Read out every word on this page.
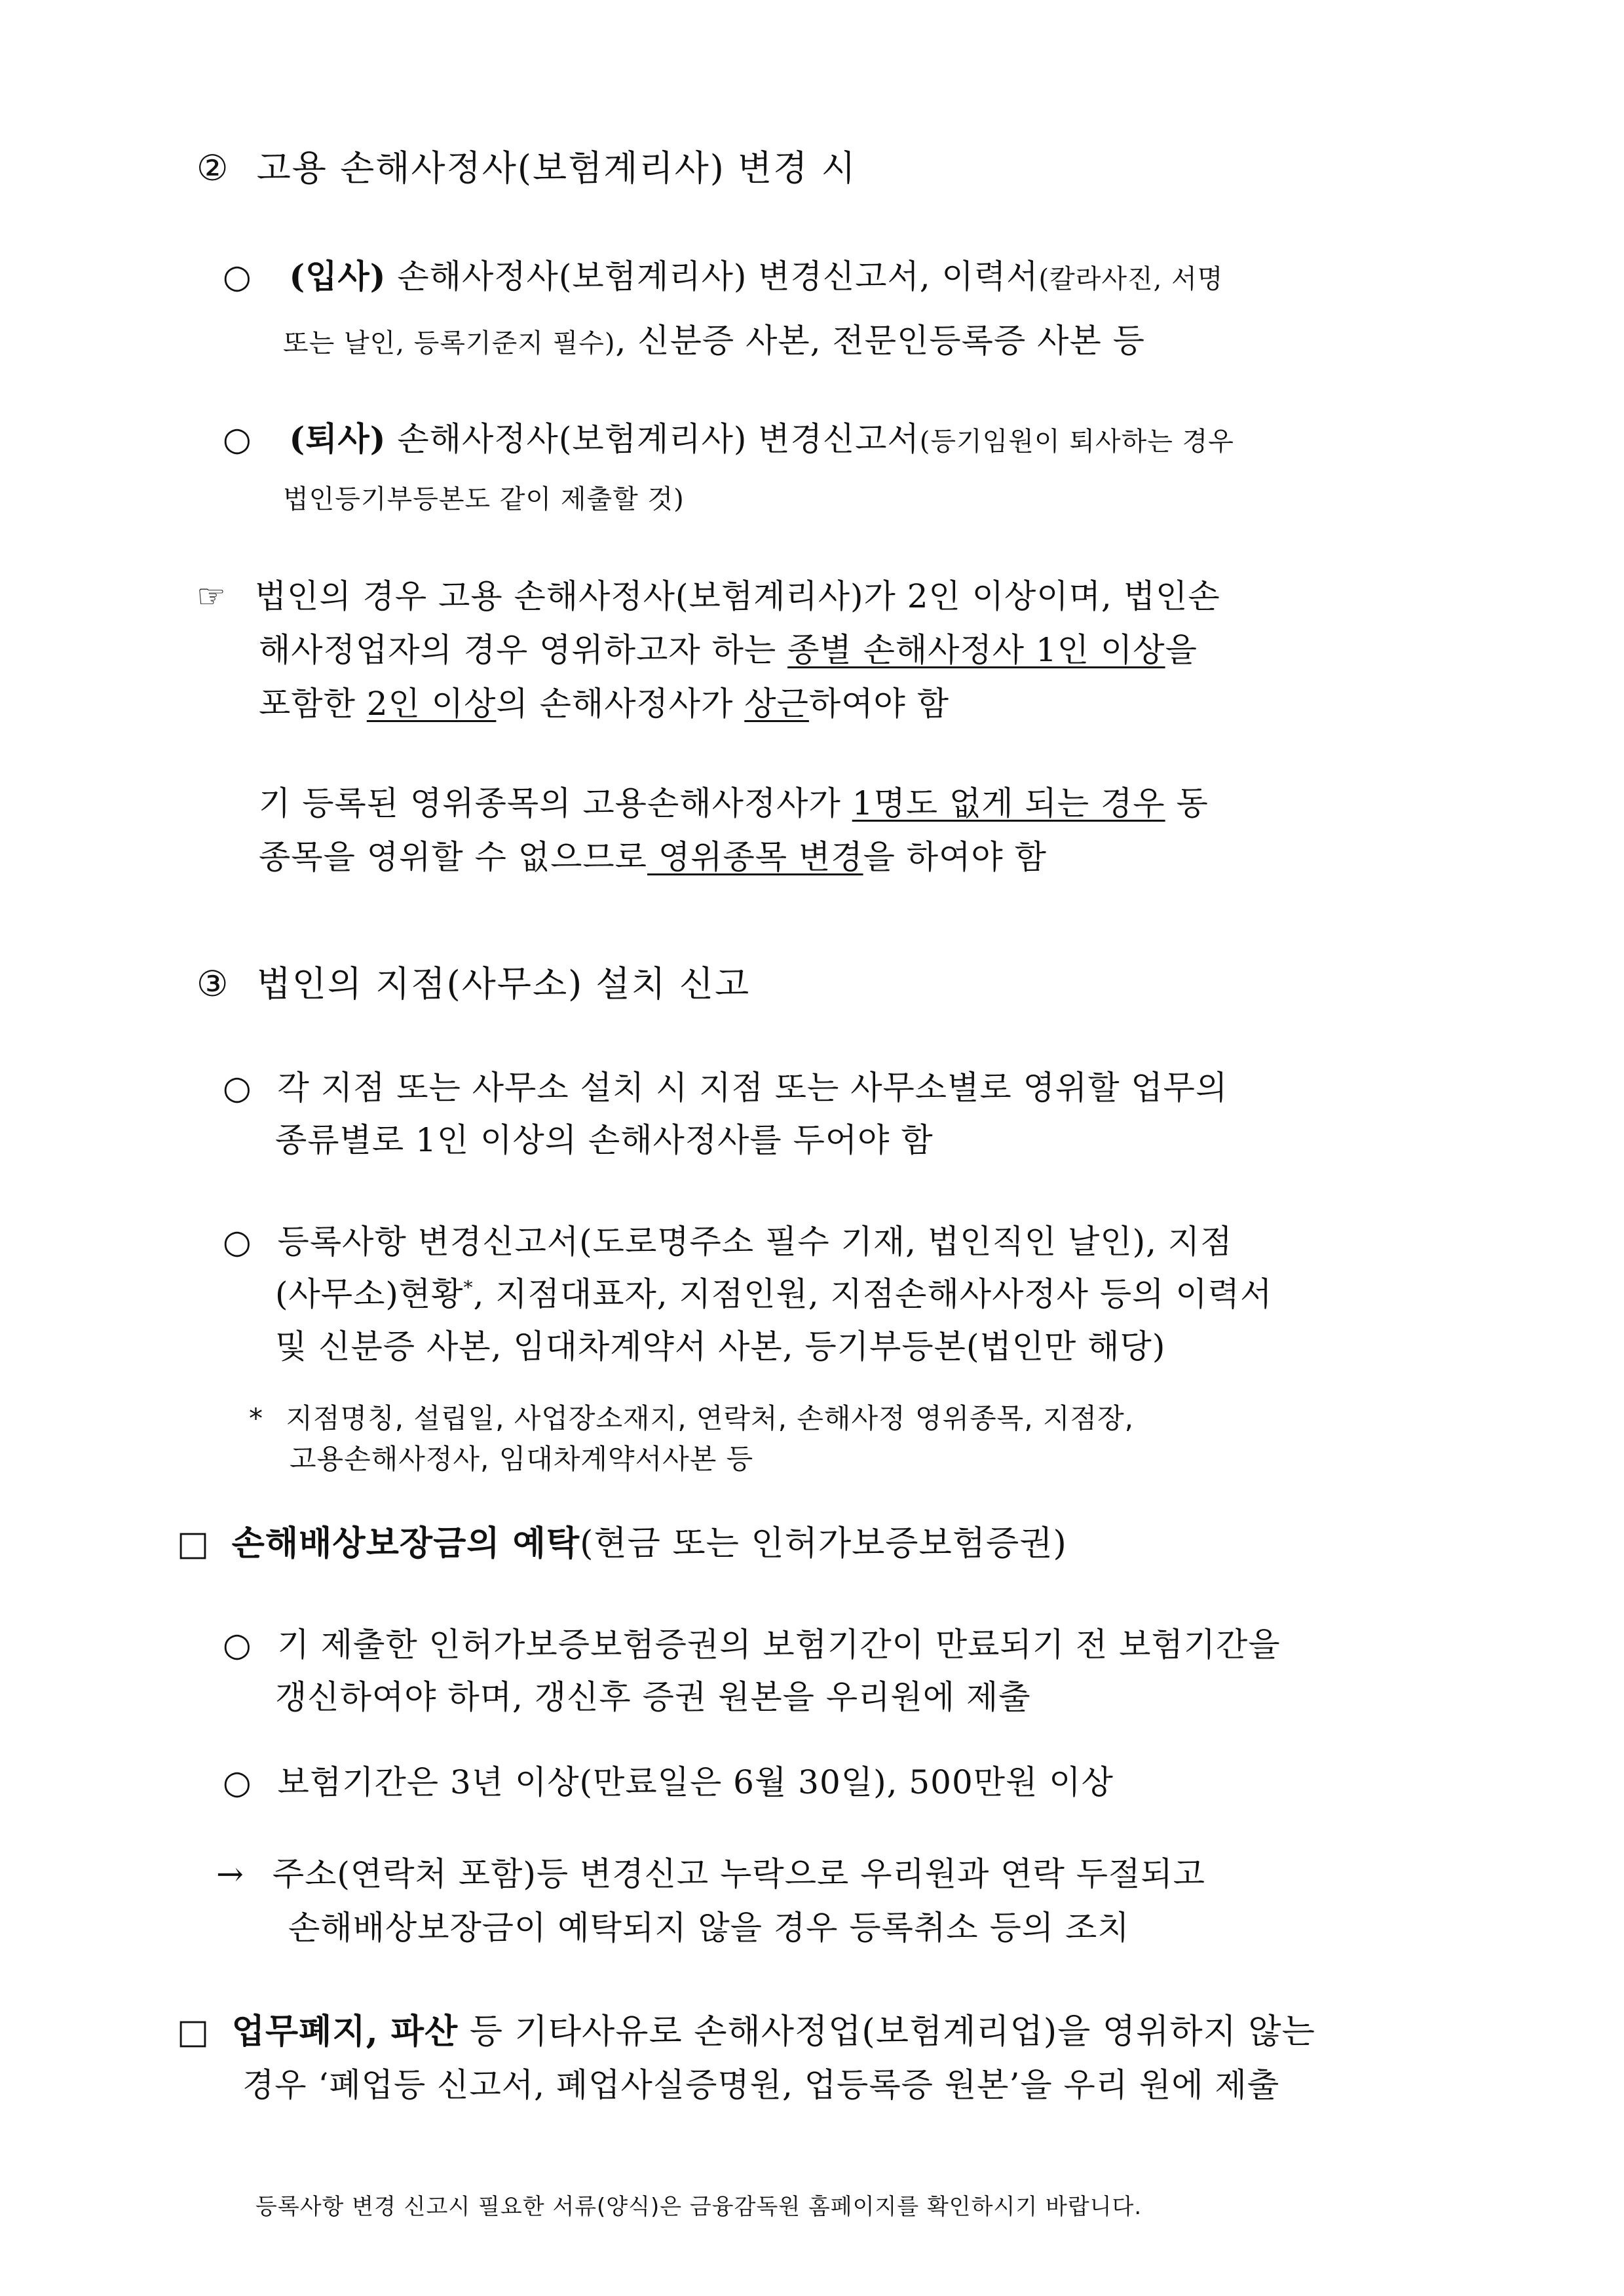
② 고용 손해사정사(보험계리사) 변경 시
○ (입사) 손해사정사(보험계리사) 변경신고서, 이력서(칼라사진, 서명
또는 날인, 등록기준지 필수), 신분증 사본, 전문인등록증 사본 등
○ (퇴사) 손해사정사(보험계리사) 변경신고서(등기임원이 퇴사하는 경우
법인등기부등본도 같이 제출할 것)
☞ 법인의 경우 고용 손해사정사(보험계리사)가 2인 이상이며, 법인손
해사정업자의 경우 영위하고자 하는 종별 손해사정사 1인 이상을
포함한 2인 이상의 손해사정사가 상근하여야 함
기 등록된 영위종목의 고용손해사정사가 1명도 없게 되는 경우 동
종목을 영위할 수 없으므로 영위종목 변경을 하여야 함
③ 법인의 지점(사무소) 설치 신고
○ 각 지점 또는 사무소 설치 시 지점 또는 사무소별로 영위할 업무의
종류별로 1인 이상의 손해사정사를 두어야 함
○ 등록사항 변경신고서(도로명주소 필수 기재, 법인직인 날인), 지점
(사무소)현황*, 지점대표자, 지점인원, 지점손해사사정사 등의 이력서
및 신분증 사본, 임대차계약서 사본, 등기부등본(법인만 해당)
* 지점명칭, 설립일, 사업장소재지, 연락처, 손해사정 영위종목, 지점장,
고용손해사정사, 임대차계약서사본 등
□ 손해배상보장금의 예탁(현금 또는 인허가보증보험증권)
○ 기 제출한 인허가보증보험증권의 보험기간이 만료되기 전 보험기간을
갱신하여야 하며, 갱신후 증권 원본을 우리원에 제출
○ 보험기간은 3년 이상(만료일은 6월 30일), 500만원 이상
→ 주소(연락처 포함)등 변경신고 누락으로 우리원과 연락 두절되고
손해배상보장금이 예탁되지 않을 경우 등록취소 등의 조치
□ 업무폐지, 파산 등 기타사유로 손해사정업(보험계리업)을 영위하지 않는
경우 ‘폐업등 신고서, 폐업사실증명원, 업등록증 원본’을 우리 원에 제출
등록사항 변경 신고시 필요한 서류(양식)은 금융감독원 홈페이지를 확인하시기 바랍니다.
